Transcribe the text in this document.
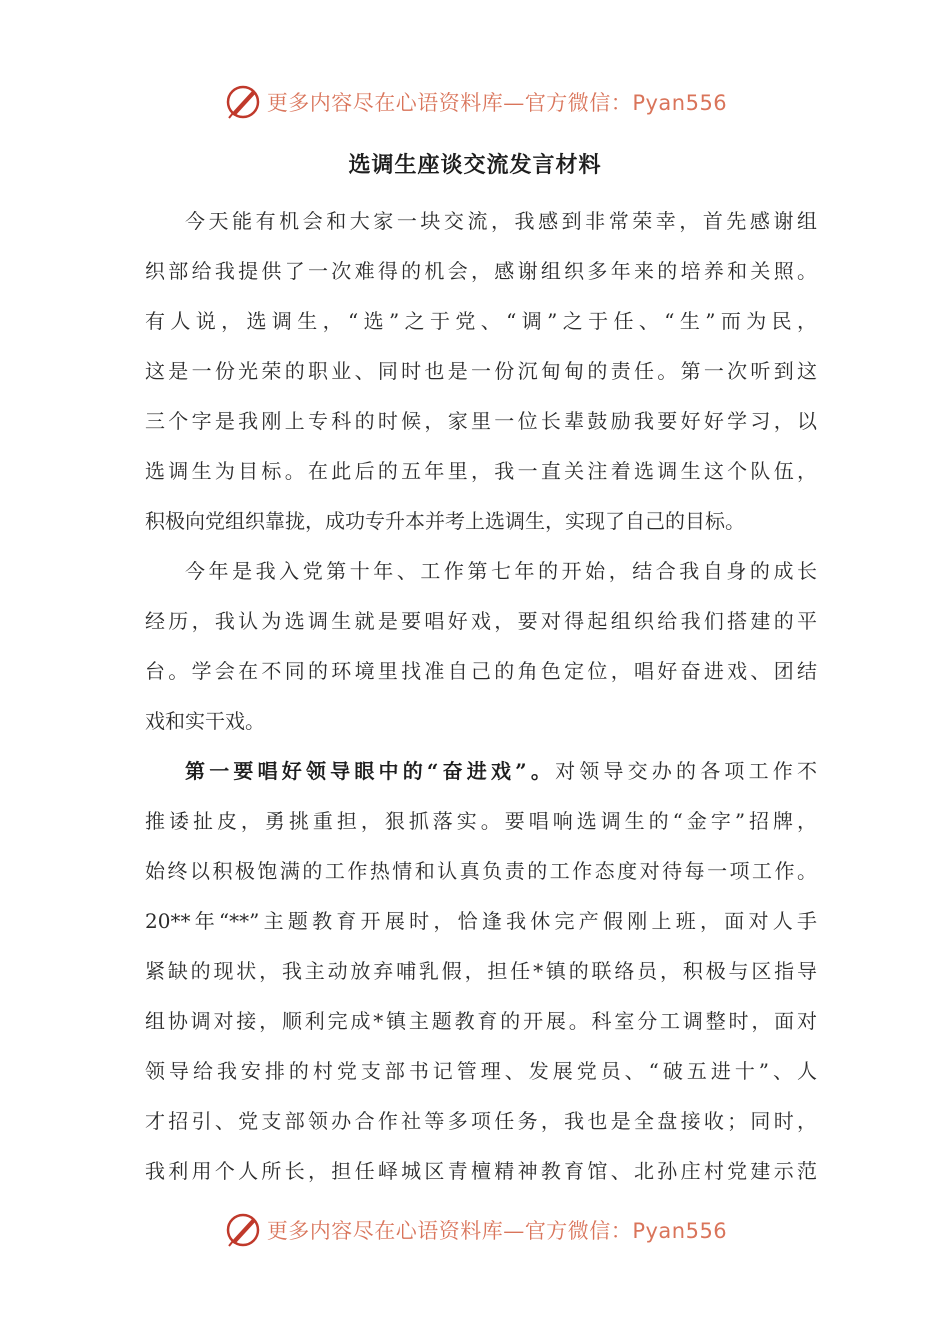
更多内容尽在心语资料库—官方微信：Pyan556
选调生座谈交流发言材料
今天能有机会和大家一块交流，我感到非常荣幸，首先感谢组
织部给我提供了一次难得的机会，感谢组织多年来的培养和关照。
有人说，选调生，“选”之于党、“调”之于任、“生”而为民，
这是一份光荣的职业、同时也是一份沉甸甸的责任。第一次听到这
三个字是我刚上专科的时候，家里一位长辈鼓励我要好好学习，以
选调生为目标。在此后的五年里，我一直关注着选调生这个队伍，
积极向党组织靠拢，成功专升本并考上选调生，实现了自己的目标。
今年是我入党第十年、工作第七年的开始，结合我自身的成长
经历，我认为选调生就是要唱好戏，要对得起组织给我们搭建的平
台。学会在不同的环境里找准自己的角色定位，唱好奋进戏、团结
戏和实干戏。
第一要唱好领导眼中的“奋进戏”。对领导交办的各项工作不
推诿扯皮，勇挑重担，狠抓落实。要唱响选调生的“金字”招牌，
始终以积极饱满的工作热情和认真负责的工作态度对待每一项工作。
20**年“**”主题教育开展时，恰逢我休完产假刚上班，面对人手
紧缺的现状，我主动放弃哺乳假，担任*镇的联络员，积极与区指导
组协调对接，顺利完成*镇主题教育的开展。科室分工调整时，面对
领导给我安排的村党支部书记管理、发展党员、“破五进十”、人
才招引、党支部领办合作社等多项任务，我也是全盘接收；同时，
我利用个人所长，担任峄城区青檀精神教育馆、北孙庄村党建示范
更多内容尽在心语资料库—官方微信：Pyan556
